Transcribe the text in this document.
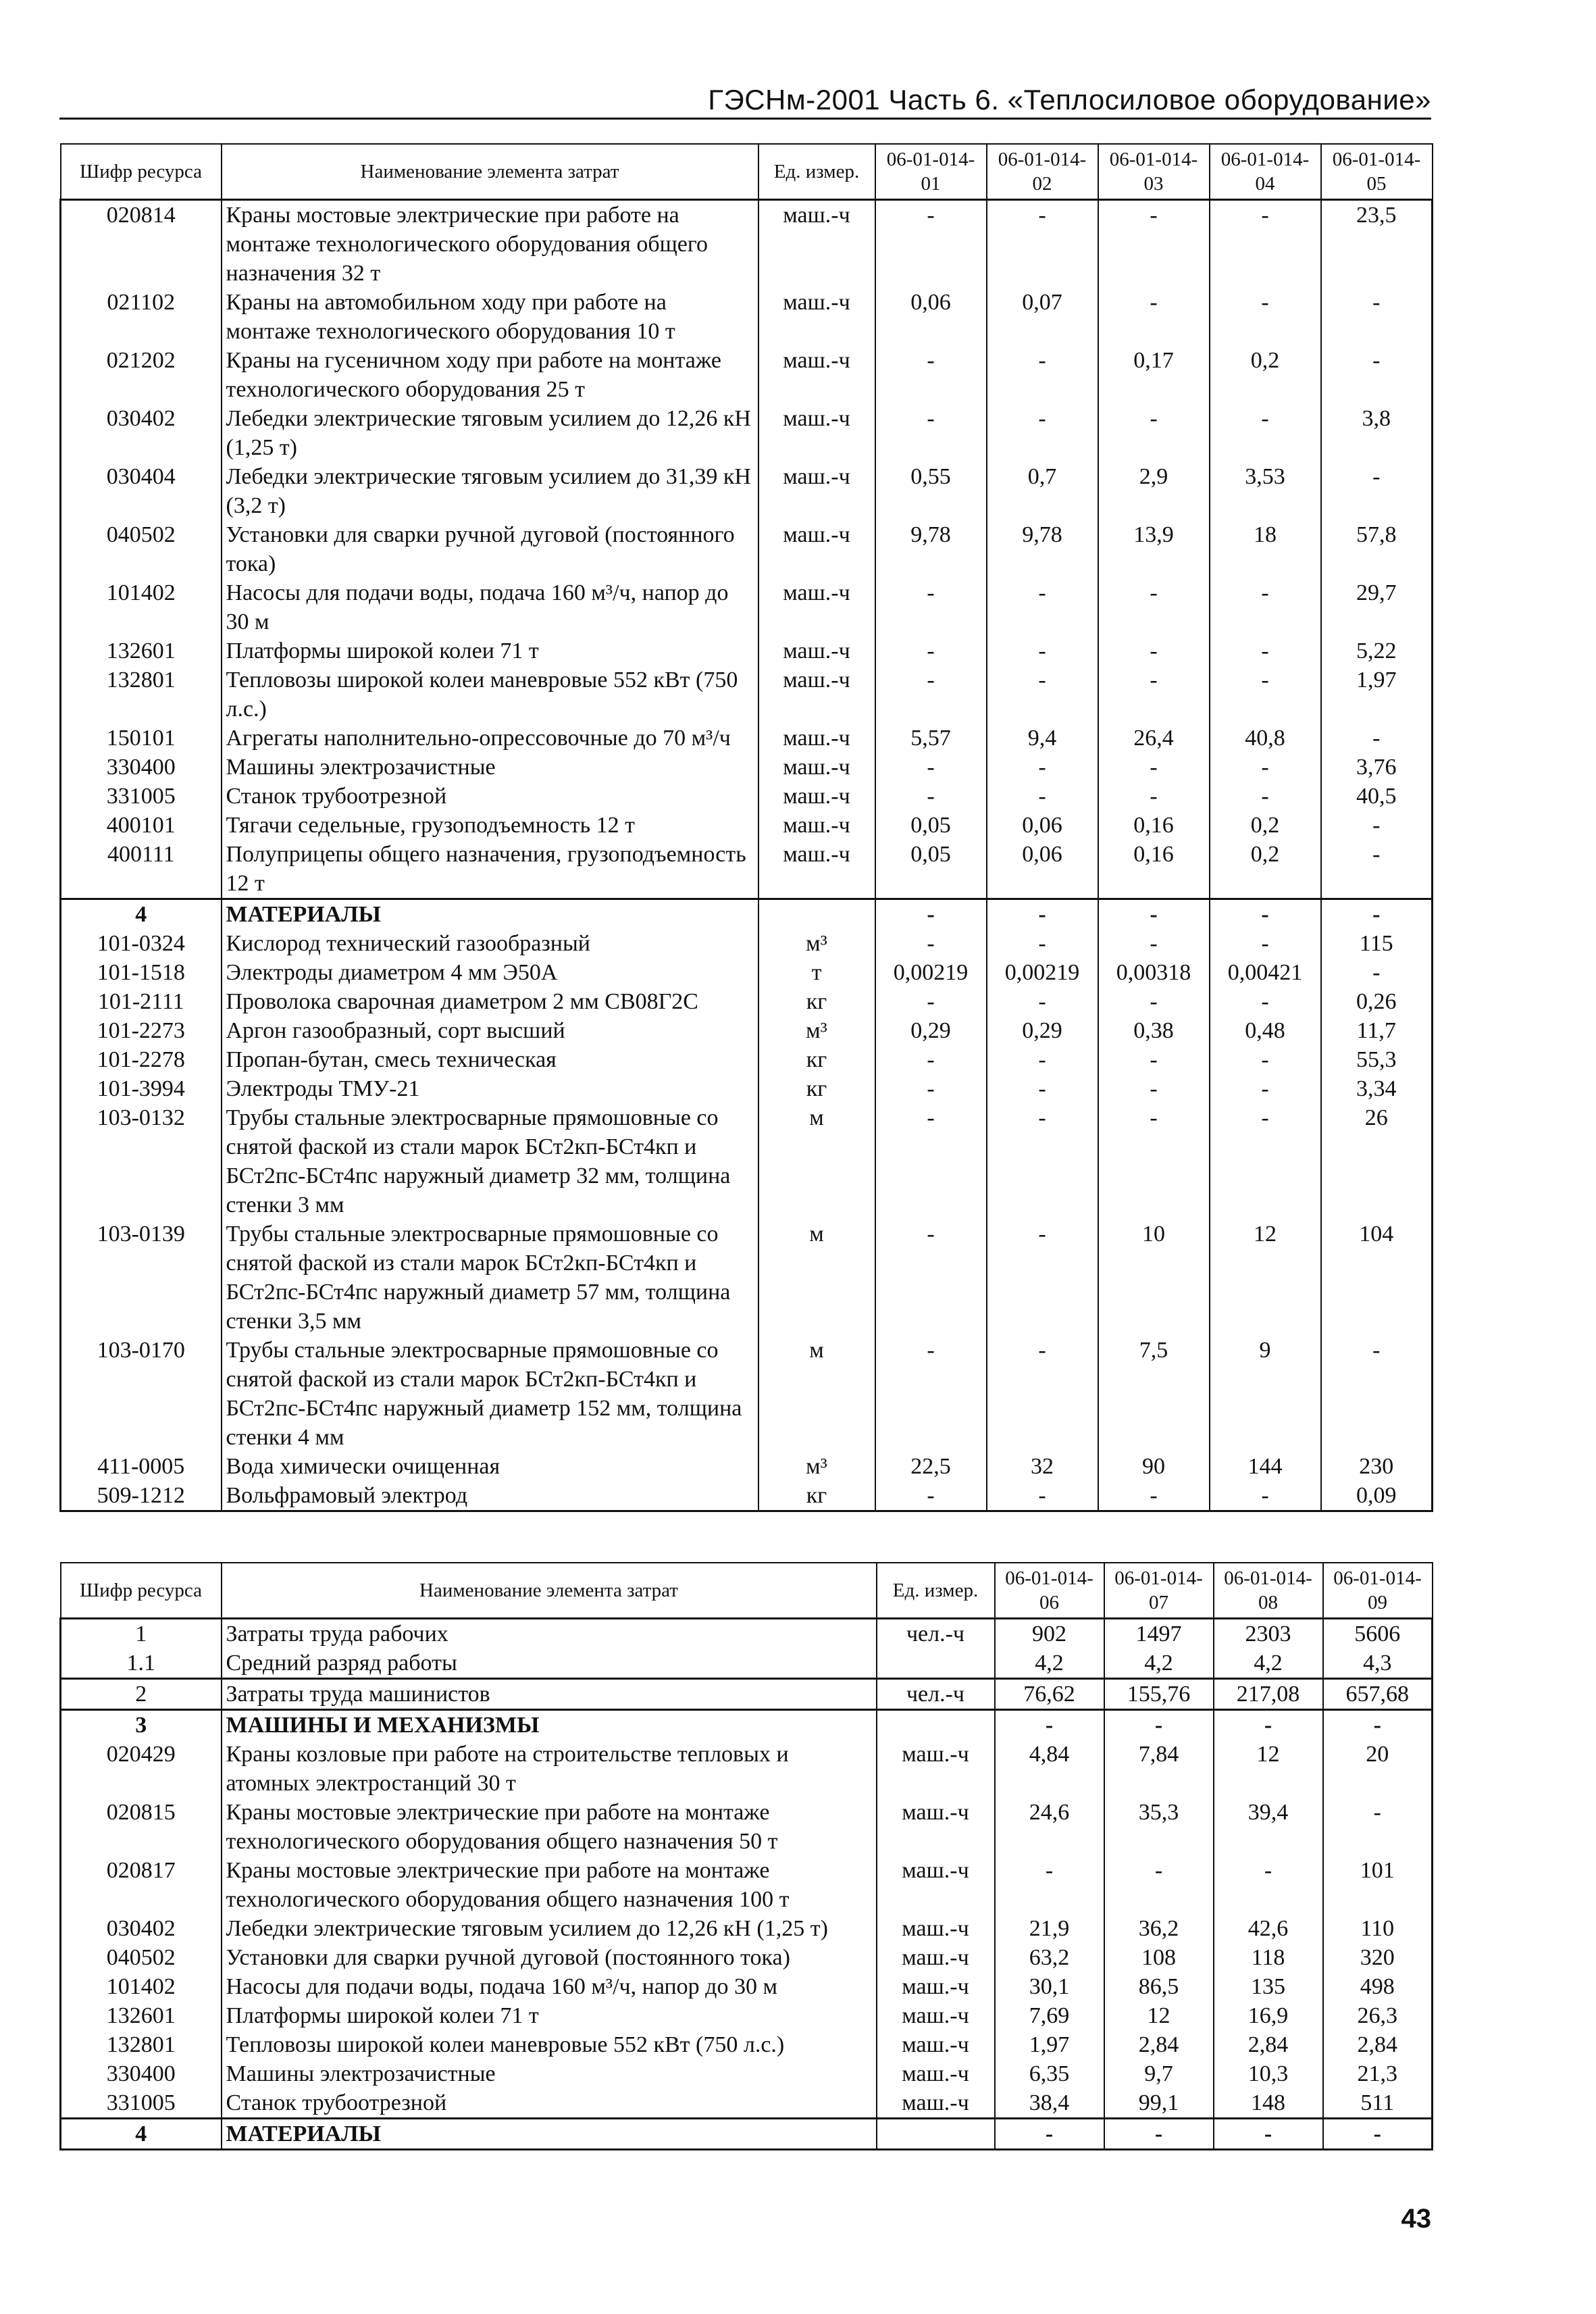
ГЭСНм-2001 Часть 6. «Теплосиловое оборудование»
Шифр ресурса	Наименование элемента затрат	Ед. измер.	06-01-014-01	06-01-014-02	06-01-014-03	06-01-014-04	06-01-014-05
020814	Краны мостовые электрические при работе на монтаже технологического оборудования общего назначения 32 т	маш.-ч	-	-	-	-	23,5
021102	Краны на автомобильном ходу при работе на монтаже технологического оборудования 10 т	маш.-ч	0,06	0,07	-	-	-
021202	Краны на гусеничном ходу при работе на монтаже технологического оборудования 25 т	маш.-ч	-	-	0,17	0,2	-
030402	Лебедки электрические тяговым усилием до 12,26 кН (1,25 т)	маш.-ч	-	-	-	-	3,8
030404	Лебедки электрические тяговым усилием до 31,39 кН (3,2 т)	маш.-ч	0,55	0,7	2,9	3,53	-
040502	Установки для сварки ручной дуговой (постоянного тока)	маш.-ч	9,78	9,78	13,9	18	57,8
101402	Насосы для подачи воды, подача 160 м³/ч, напор до 30 м	маш.-ч	-	-	-	-	29,7
132601	Платформы широкой колеи 71 т	маш.-ч	-	-	-	-	5,22
132801	Тепловозы широкой колеи маневровые 552 кВт (750 л.с.)	маш.-ч	-	-	-	-	1,97
150101	Агрегаты наполнительно-опрессовочные до 70 м³/ч	маш.-ч	5,57	9,4	26,4	40,8	-
330400	Машины электрозачистные	маш.-ч	-	-	-	-	3,76
331005	Станок трубоотрезной	маш.-ч	-	-	-	-	40,5
400101	Тягачи седельные, грузоподъемность 12 т	маш.-ч	0,05	0,06	0,16	0,2	-
400111	Полуприцепы общего назначения, грузоподъемность 12 т	маш.-ч	0,05	0,06	0,16	0,2	-
4	МАТЕРИАЛЫ		-	-	-	-	-
101-0324	Кислород технический газообразный	м³	-	-	-	-	115
101-1518	Электроды диаметром 4 мм Э50А	т	0,00219	0,00219	0,00318	0,00421	-
101-2111	Проволока сварочная диаметром 2 мм СВ08Г2С	кг	-	-	-	-	0,26
101-2273	Аргон газообразный, сорт высший	м³	0,29	0,29	0,38	0,48	11,7
101-2278	Пропан-бутан, смесь техническая	кг	-	-	-	-	55,3
101-3994	Электроды ТМУ-21	кг	-	-	-	-	3,34
103-0132	Трубы стальные электросварные прямошовные со снятой фаской из стали марок БСт2кп-БСт4кп и БСт2пс-БСт4пс наружный диаметр 32 мм, толщина стенки 3 мм	м	-	-	-	-	26
103-0139	Трубы стальные электросварные прямошовные со снятой фаской из стали марок БСт2кп-БСт4кп и БСт2пс-БСт4пс наружный диаметр 57 мм, толщина стенки 3,5 мм	м	-	-	10	12	104
103-0170	Трубы стальные электросварные прямошовные со снятой фаской из стали марок БСт2кп-БСт4кп и БСт2пс-БСт4пс наружный диаметр 152 мм, толщина стенки 4 мм	м	-	-	7,5	9	-
411-0005	Вода химически очищенная	м³	22,5	32	90	144	230
509-1212	Вольфрамовый электрод	кг	-	-	-	-	0,09
Шифр ресурса	Наименование элемента затрат	Ед. измер.	06-01-014-06	06-01-014-07	06-01-014-08	06-01-014-09
1	Затраты труда рабочих	чел.-ч	902	1497	2303	5606
1.1	Средний разряд работы		4,2	4,2	4,2	4,3
2	Затраты труда машинистов	чел.-ч	76,62	155,76	217,08	657,68
3	МАШИНЫ И МЕХАНИЗМЫ		-	-	-	-
020429	Краны козловые при работе на строительстве тепловых и атомных электростанций 30 т	маш.-ч	4,84	7,84	12	20
020815	Краны мостовые электрические при работе на монтаже технологического оборудования общего назначения 50 т	маш.-ч	24,6	35,3	39,4	-
020817	Краны мостовые электрические при работе на монтаже технологического оборудования общего назначения 100 т	маш.-ч	-	-	-	101
030402	Лебедки электрические тяговым усилием до 12,26 кН (1,25 т)	маш.-ч	21,9	36,2	42,6	110
040502	Установки для сварки ручной дуговой (постоянного тока)	маш.-ч	63,2	108	118	320
101402	Насосы для подачи воды, подача 160 м³/ч, напор до 30 м	маш.-ч	30,1	86,5	135	498
132601	Платформы широкой колеи 71 т	маш.-ч	7,69	12	16,9	26,3
132801	Тепловозы широкой колеи маневровые 552 кВт (750 л.с.)	маш.-ч	1,97	2,84	2,84	2,84
330400	Машины электрозачистные	маш.-ч	6,35	9,7	10,3	21,3
331005	Станок трубоотрезной	маш.-ч	38,4	99,1	148	511
4	МАТЕРИАЛЫ		-	-	-	-
43
